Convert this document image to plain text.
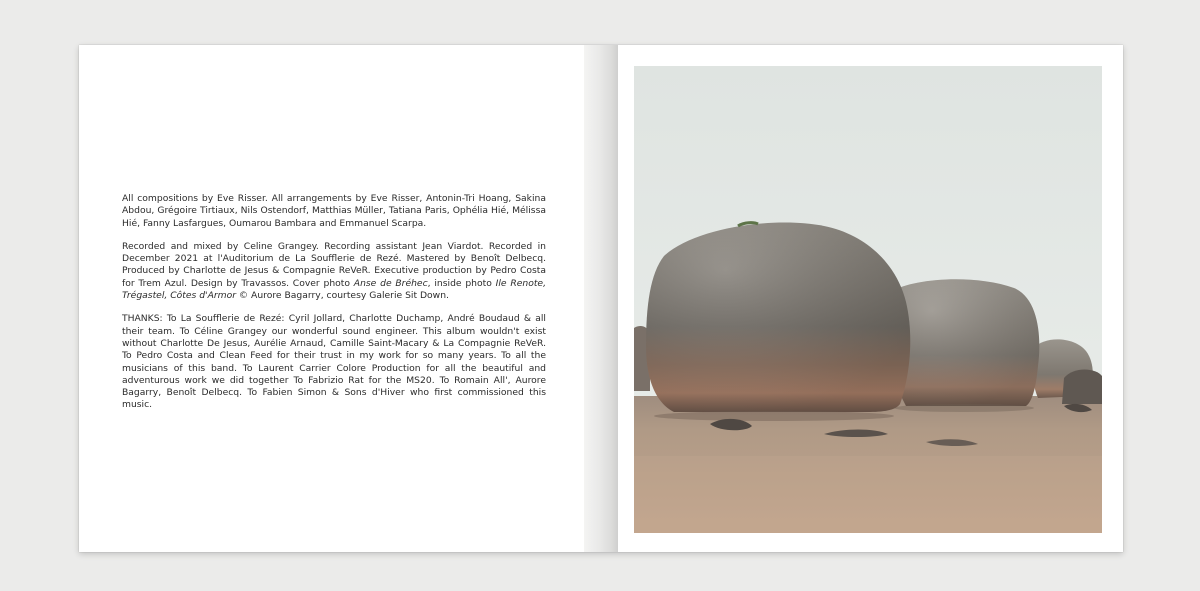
All compositions by Eve Risser. All arrangements by Eve Risser, Antonin-Tri Hoang, Sakina Abdou, Grégoire Tirtiaux, Nils Ostendorf, Matthias Müller, Tatiana Paris, Ophélia Hié, Mélissa Hié, Fanny Lasfargues, Oumarou Bambara and Emmanuel Scarpa.

Recorded and mixed by Celine Grangey. Recording assistant Jean Viardot. Recorded in December 2021 at l'Auditorium de La Soufflerie de Rezé. Mastered by Benoît Delbecq. Produced by Charlotte de Jesus & Compagnie ReVeR. Executive production by Pedro Costa for Trem Azul. Design by Travassos. Cover photo Anse de Bréhec, inside photo Ile Renote, Trégastel, Côtes d'Armor © Aurore Bagarry, courtesy Galerie Sit Down.

THANKS: To La Soufflerie de Rezé: Cyril Jollard, Charlotte Duchamp, André Boudaud & all their team. To Céline Grangey our wonderful sound engineer. This album wouldn't exist without Charlotte De Jesus, Aurélie Arnaud, Camille Saint-Macary & La Compagnie ReVeR. To Pedro Costa and Clean Feed for their trust in my work for so many years. To all the musicians of this band. To Laurent Carrier Colore Production for all the beautiful and adventurous work we did together To Fabrizio Rat for the MS20. To Romain All', Aurore Bagarry, Benoît Delbecq. To Fabien Simon & Sons d'Hiver who first commissioned this music.
